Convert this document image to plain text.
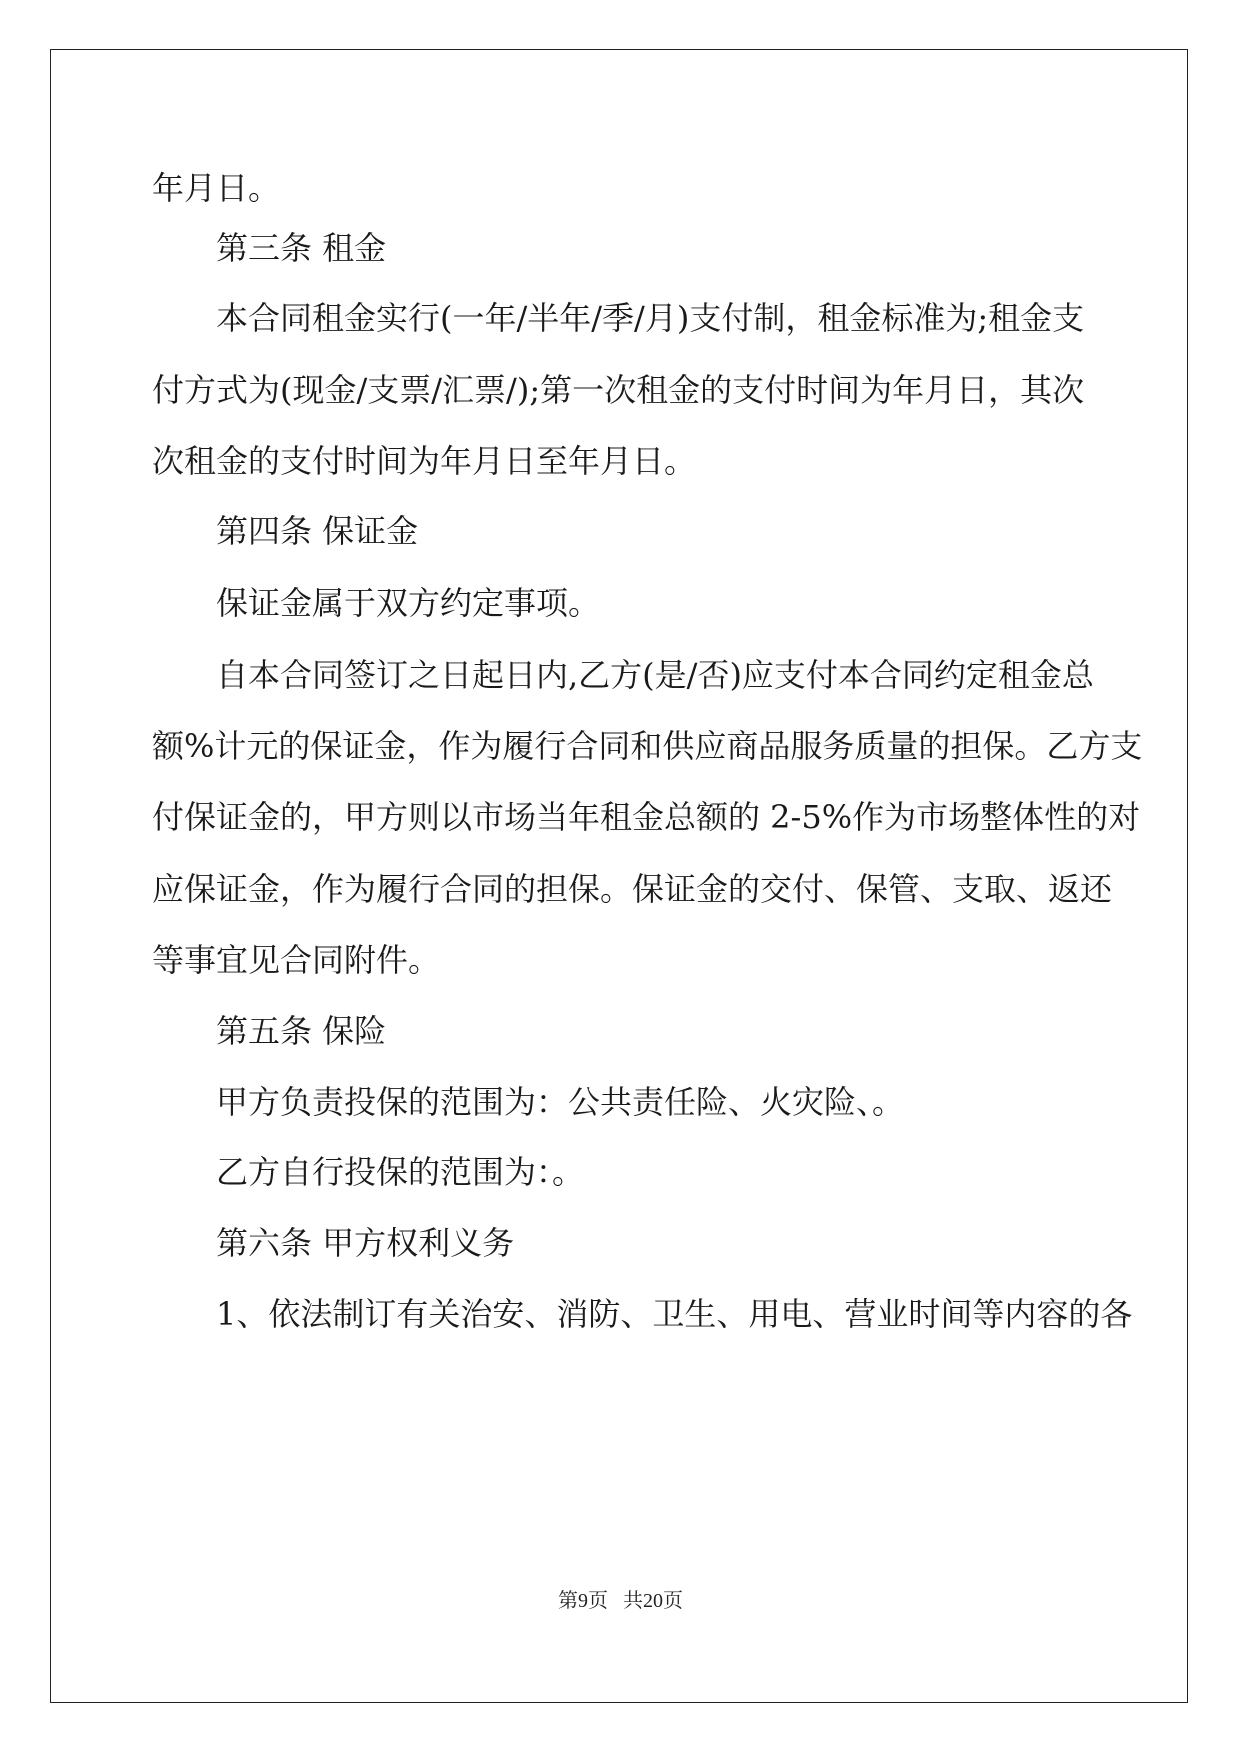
年月日。

第三条 租金

本合同租金实行(一年/半年/季/月)支付制，租金标准为;租金支

付方式为(现金/支票/汇票/);第一次租金的支付时间为年月日，其次

次租金的支付时间为年月日至年月日。

第四条 保证金

保证金属于双方约定事项。

自本合同签订之日起日内,乙方(是/否)应支付本合同约定租金总

额%计元的保证金，作为履行合同和供应商品服务质量的担保。乙方支

付保证金的，甲方则以市场当年租金总额的 2-5%作为市场整体性的对

应保证金，作为履行合同的担保。保证金的交付、保管、支取、返还

等事宜见合同附件。

第五条 保险

甲方负责投保的范围为：公共责任险、火灾险、。

乙方自行投保的范围为：。

第六条 甲方权利义务

1、依法制订有关治安、消防、卫生、用电、营业时间等内容的各

第9页   共20页
